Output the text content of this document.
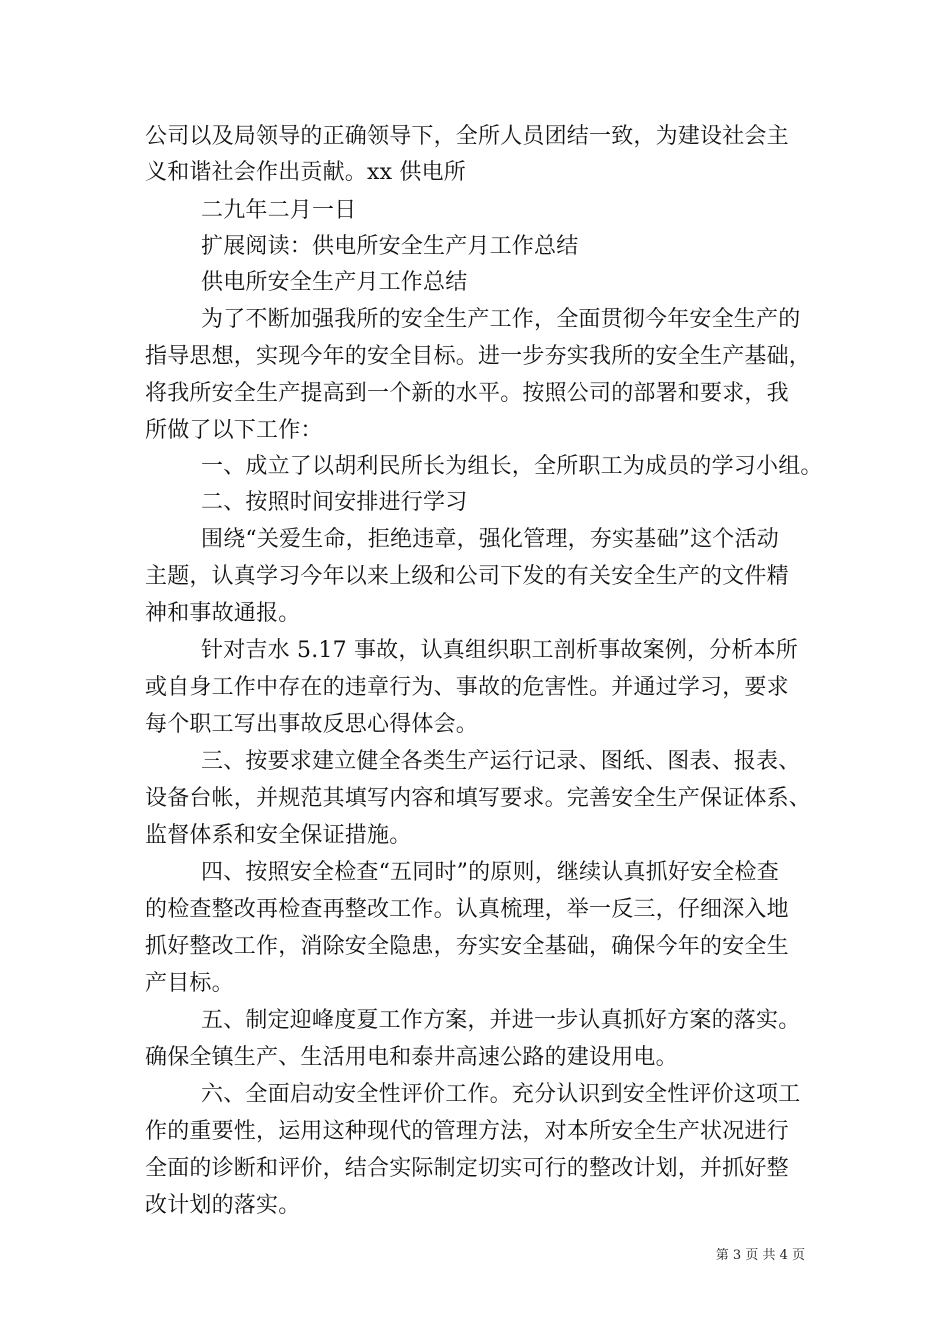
公司以及局领导的正确领导下，全所人员团结一致，为建设社会主
义和谐社会作出贡献。xx 供电所
二九年二月一日
扩展阅读：供电所安全生产月工作总结
供电所安全生产月工作总结
为了不断加强我所的安全生产工作，全面贯彻今年安全生产的
指导思想，实现今年的安全目标。进一步夯实我所的安全生产基础，
将我所安全生产提高到一个新的水平。按照公司的部署和要求，我
所做了以下工作：
一、成立了以胡利民所长为组长，全所职工为成员的学习小组。
二、按照时间安排进行学习
围绕“关爱生命，拒绝违章，强化管理，夯实基础”这个活动
主题，认真学习今年以来上级和公司下发的有关安全生产的文件精
神和事故通报。
针对吉水 5.17 事故，认真组织职工剖析事故案例，分析本所
或自身工作中存在的违章行为、事故的危害性。并通过学习，要求
每个职工写出事故反思心得体会。
三、按要求建立健全各类生产运行记录、图纸、图表、报表、
设备台帐，并规范其填写内容和填写要求。完善安全生产保证体系、
监督体系和安全保证措施。
四、按照安全检查“五同时”的原则，继续认真抓好安全检查
的检查整改再检查再整改工作。认真梳理，举一反三，仔细深入地
抓好整改工作，消除安全隐患，夯实安全基础，确保今年的安全生
产目标。
五、制定迎峰度夏工作方案，并进一步认真抓好方案的落实。
确保全镇生产、生活用电和泰井高速公路的建设用电。
六、全面启动安全性评价工作。充分认识到安全性评价这项工
作的重要性，运用这种现代的管理方法，对本所安全生产状况进行
全面的诊断和评价，结合实际制定切实可行的整改计划，并抓好整
改计划的落实。
第 3 页 共 4 页
